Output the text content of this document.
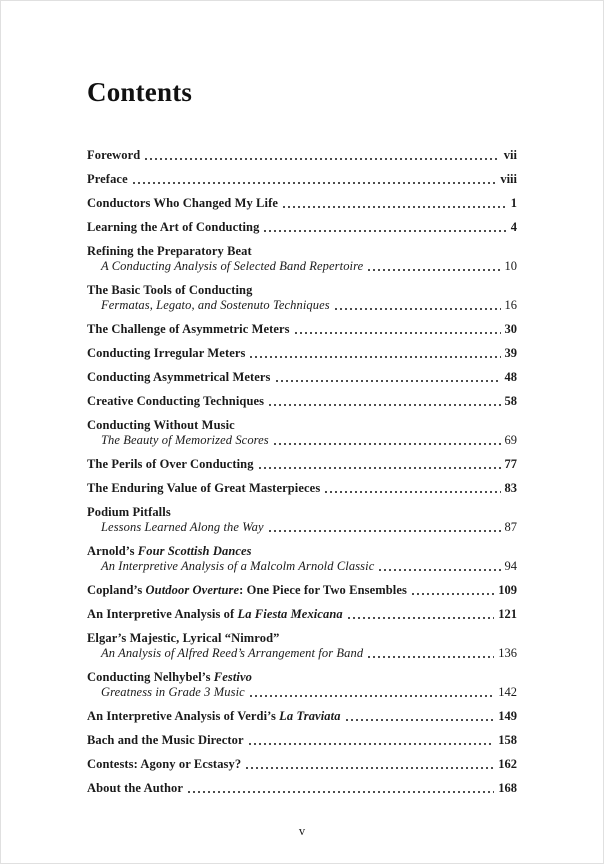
Contents
Foreword	vii
Preface	viii
Conductors Who Changed My Life	1
Learning the Art of Conducting	4
Refining the Preparatory Beat
A Conducting Analysis of Selected Band Repertoire	10
The Basic Tools of Conducting
Fermatas, Legato, and Sostenuto Techniques	16
The Challenge of Asymmetric Meters	30
Conducting Irregular Meters	39
Conducting Asymmetrical Meters	48
Creative Conducting Techniques	58
Conducting Without Music
The Beauty of Memorized Scores	69
The Perils of Over Conducting	77
The Enduring Value of Great Masterpieces	83
Podium Pitfalls
Lessons Learned Along the Way	87
Arnold’s Four Scottish Dances
An Interpretive Analysis of a Malcolm Arnold Classic	94
Copland’s Outdoor Overture: One Piece for Two Ensembles	109
An Interpretive Analysis of La Fiesta Mexicana	121
Elgar’s Majestic, Lyrical “Nimrod”
An Analysis of Alfred Reed’s Arrangement for Band	136
Conducting Nelhybel’s Festivo
Greatness in Grade 3 Music	142
An Interpretive Analysis of Verdi’s La Traviata	149
Bach and the Music Director	158
Contests: Agony or Ecstasy?	162
About the Author	168
v
